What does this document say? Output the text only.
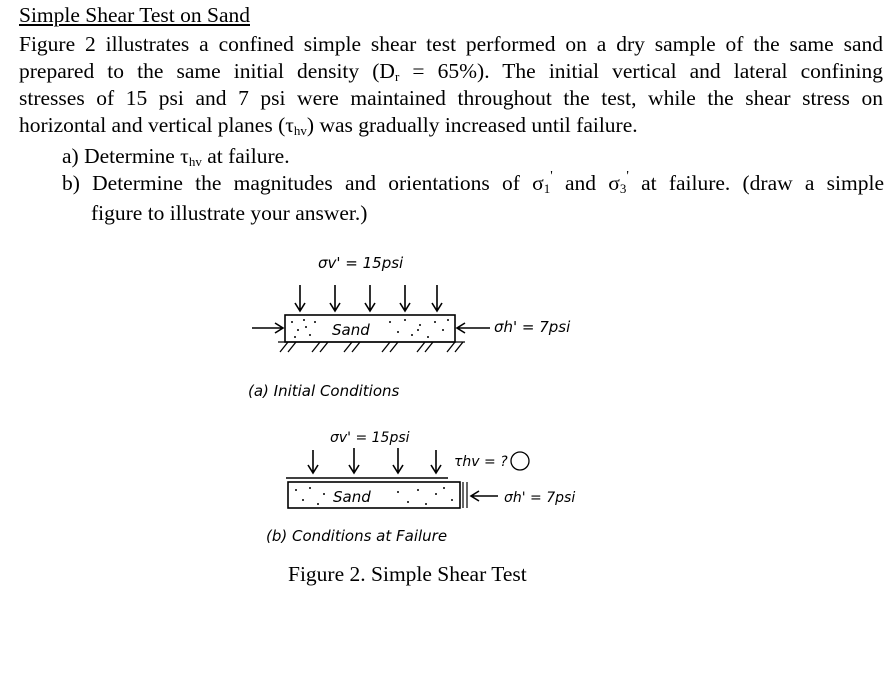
Simple Shear Test on Sand
Figure 2 illustrates a confined simple shear test performed on a dry sample of the same sand
prepared to the same initial density $(D_r = 65\%)$. The initial vertical and lateral confining
stresses of 15 psi and 7 psi were maintained throughout the test, while the shear stress on
horizontal and vertical planes $(\tau_{hv})$ was gradually increased until failure.
a) Determine $\tau_{hv}$ at failure.
b) Determine the magnitudes and orientations of $\sigma_1'$ and $\sigma_3'$ at failure. (draw a simple
figure to illustrate your answer.)
σv' = 15psi
Sand	σh' = 7psi
(a) Initial Conditions
σv' = 15psi
τhv = ?
Sand	σh' = 7psi
(b) Conditions at Failure
Figure 2. Simple Shear Test
